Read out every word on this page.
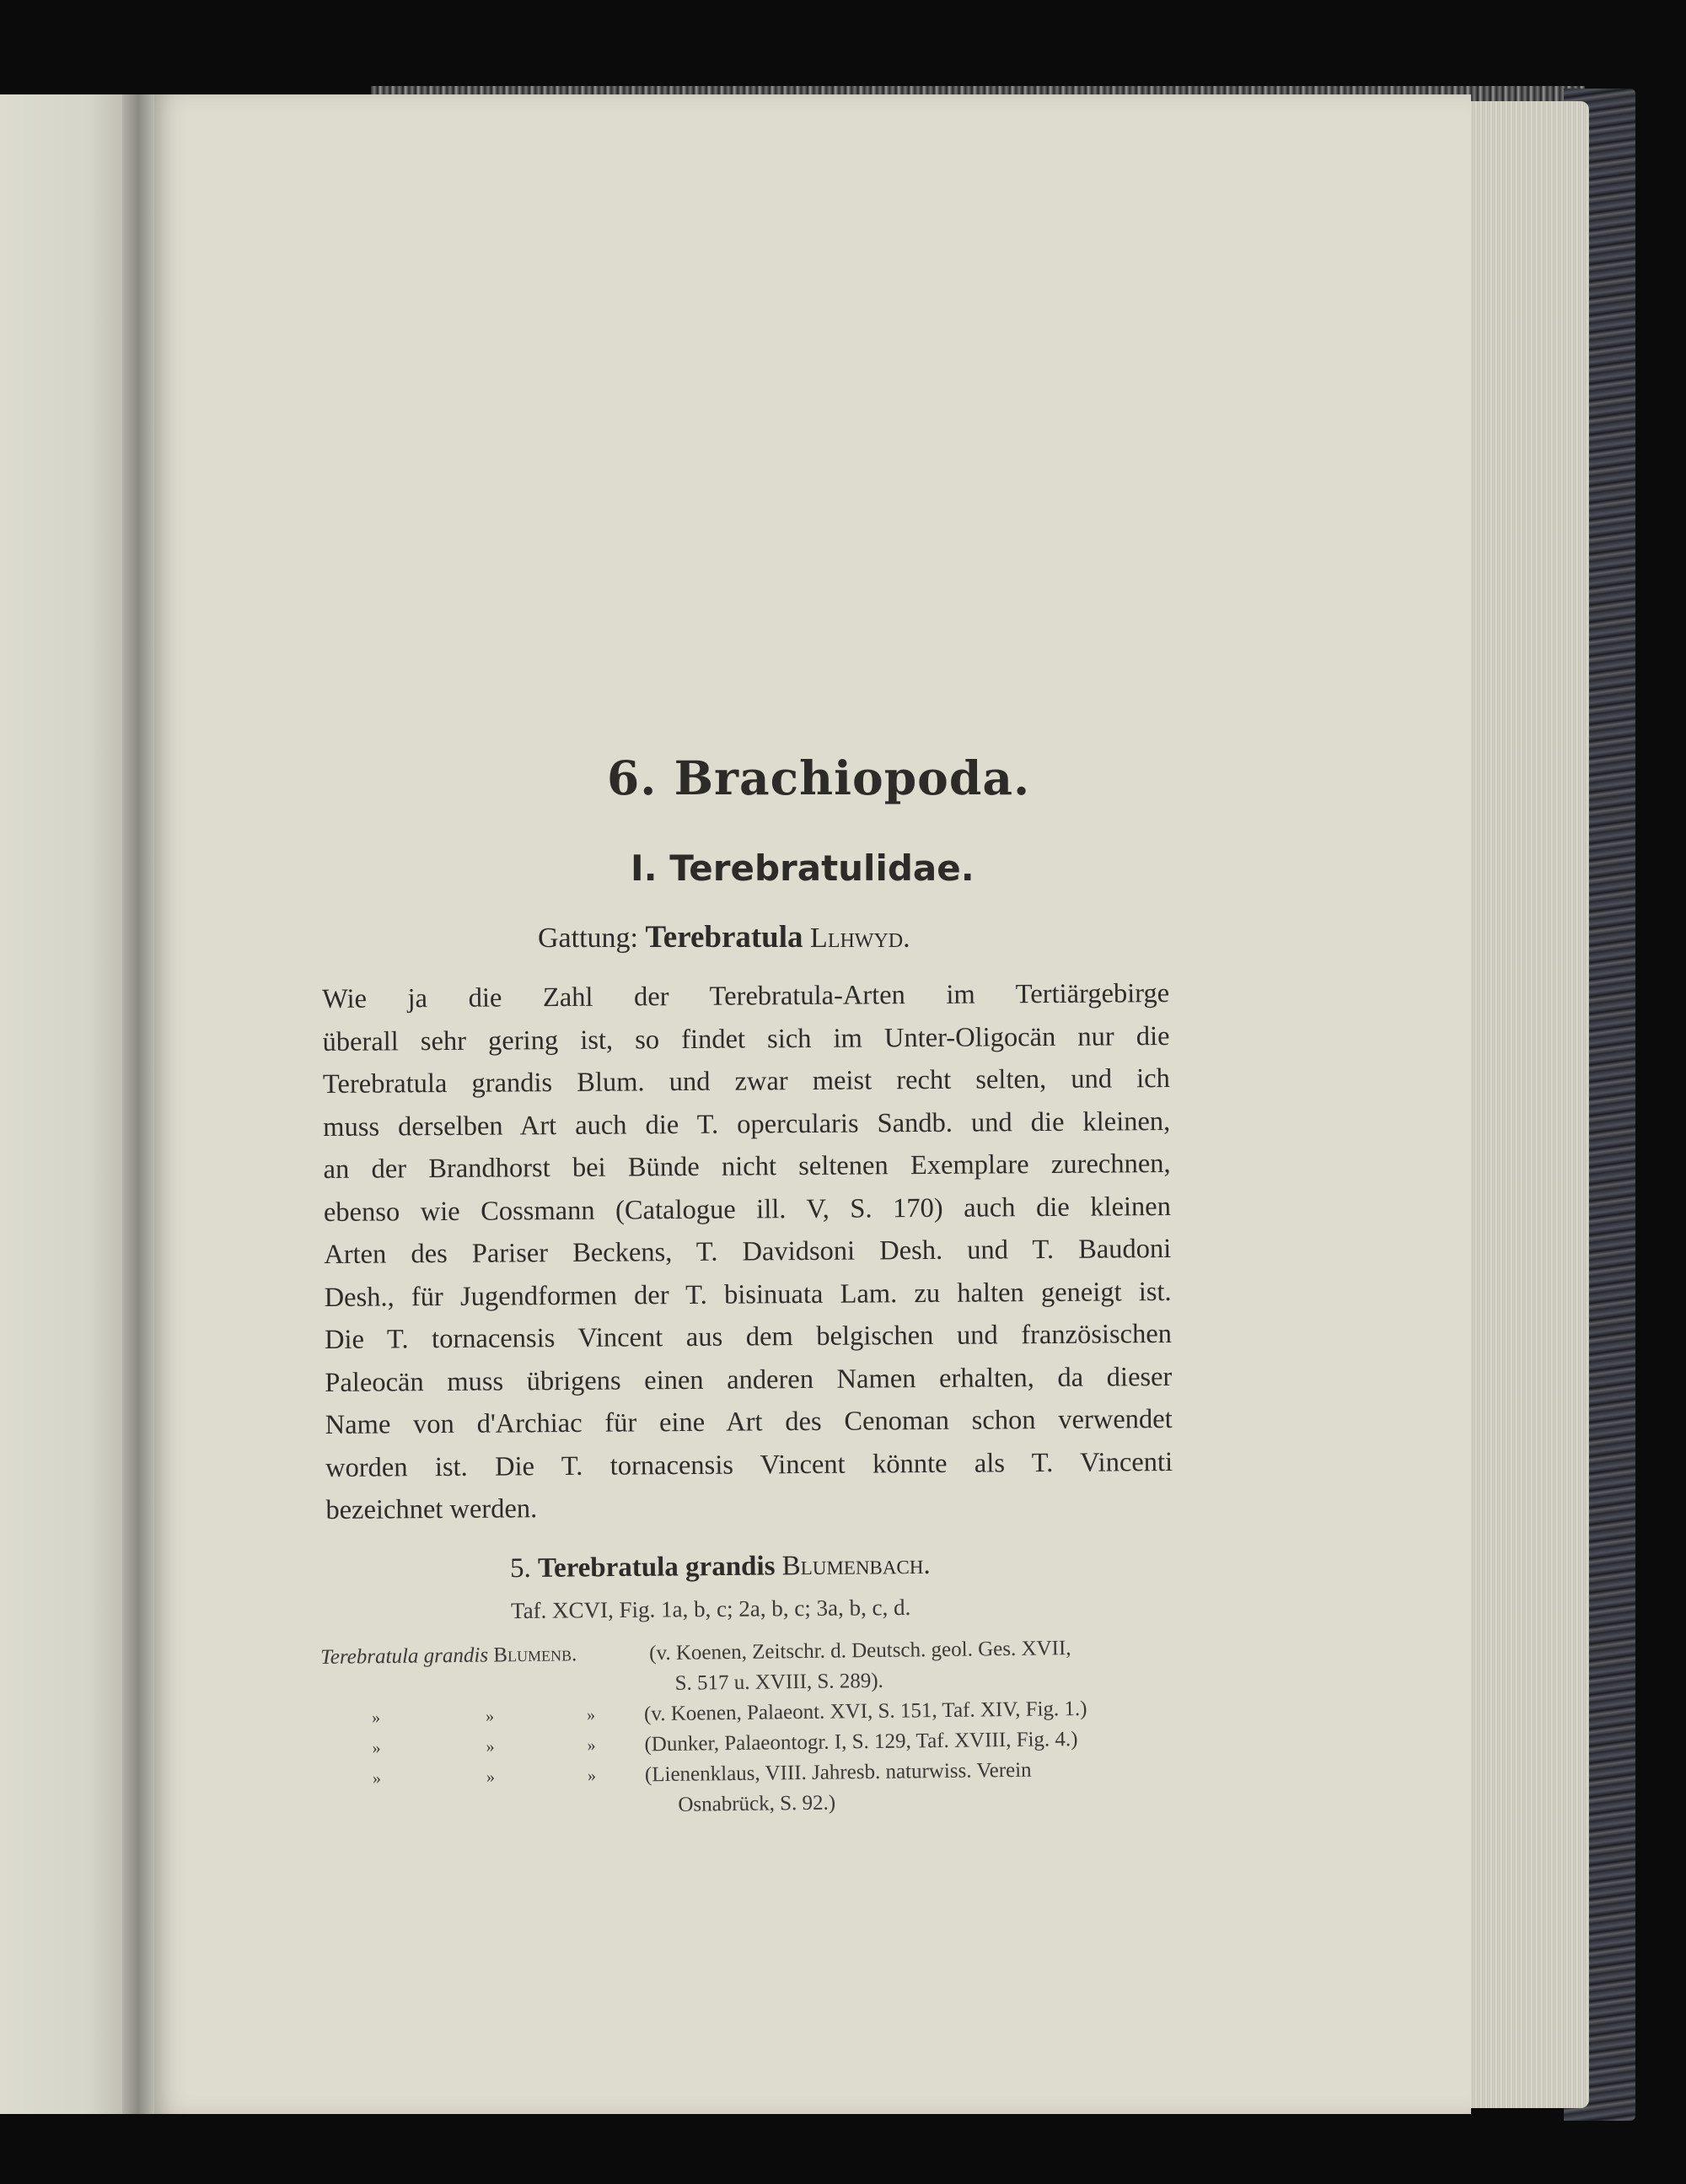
6. Brachiopoda.
I. Terebratulidae.
Gattung: Terebratula Llhwyd.
Wie ja die Zahl der Terebratula-Arten im Tertiärgebirge
überall sehr gering ist, so findet sich im Unter-Oligocän nur die
Terebratula grandis Blum. und zwar meist recht selten, und ich
muss derselben Art auch die T. opercularis Sandb. und die kleinen,
an der Brandhorst bei Bünde nicht seltenen Exemplare zurechnen,
ebenso wie Cossmann (Catalogue ill. V, S. 170) auch die kleinen
Arten des Pariser Beckens, T. Davidsoni Desh. und T. Baudoni
Desh., für Jugendformen der T. bisinuata Lam. zu halten geneigt ist.
Die T. tornacensis Vincent aus dem belgischen und französischen
Paleocän muss übrigens einen anderen Namen erhalten, da dieser
Name von d'Archiac für eine Art des Cenoman schon verwendet
worden ist. Die T. tornacensis Vincent könnte als T. Vincenti
bezeichnet werden.
5. Terebratula grandis Blumenbach.
Taf. XCVI, Fig. 1a, b, c; 2a, b, c; 3a, b, c, d.
Terebratula grandis Blumenb.	(v. Koenen, Zeitschr. d. Deutsch. geol. Ges. XVII,
S. 517 u. XVIII, S. 289).
»	»	» (v. Koenen, Palaeont. XVI, S. 151, Taf. XIV, Fig. 1.)
»	»	» (Dunker, Palaeontogr. I, S. 129, Taf. XVIII, Fig. 4.)
»	»	» (Lienenklaus, VIII. Jahresb. naturwiss. Verein
Osnabrück, S. 92.)
